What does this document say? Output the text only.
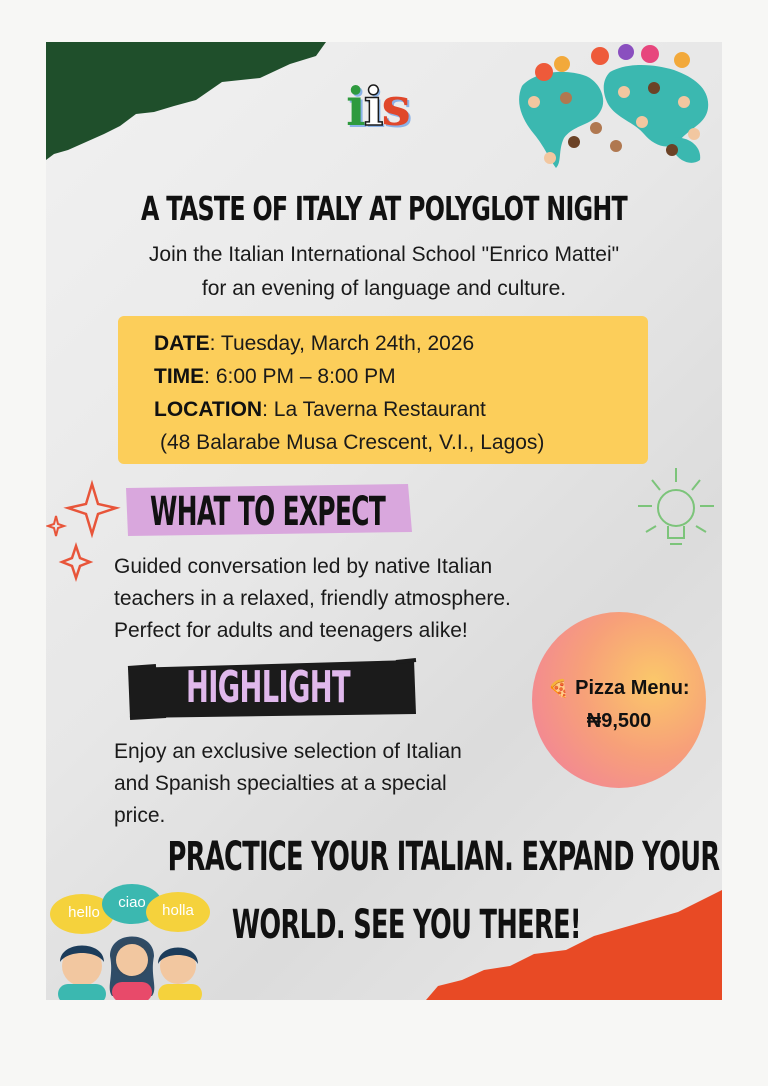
iis
A TASTE OF ITALY AT POLYGLOT NIGHT
Join the Italian International School "Enrico Mattei"
for an evening of language and culture.
DATE: Tuesday, March 24th, 2026
TIME: 6:00 PM – 8:00 PM
LOCATION: La Taverna Restaurant
(48 Balarabe Musa Crescent, V.I., Lagos)
WHAT TO EXPECT
Guided conversation led by native Italian
teachers in a relaxed, friendly atmosphere.
Perfect for adults and teenagers alike!
HIGHLIGHT
Enjoy an exclusive selection of Italian
and Spanish specialties at a special
price.
🍕 Pizza Menu:
₦9,500
PRACTICE YOUR ITALIAN. EXPAND YOUR
WORLD. SEE YOU THERE!
hello
ciao	holla
